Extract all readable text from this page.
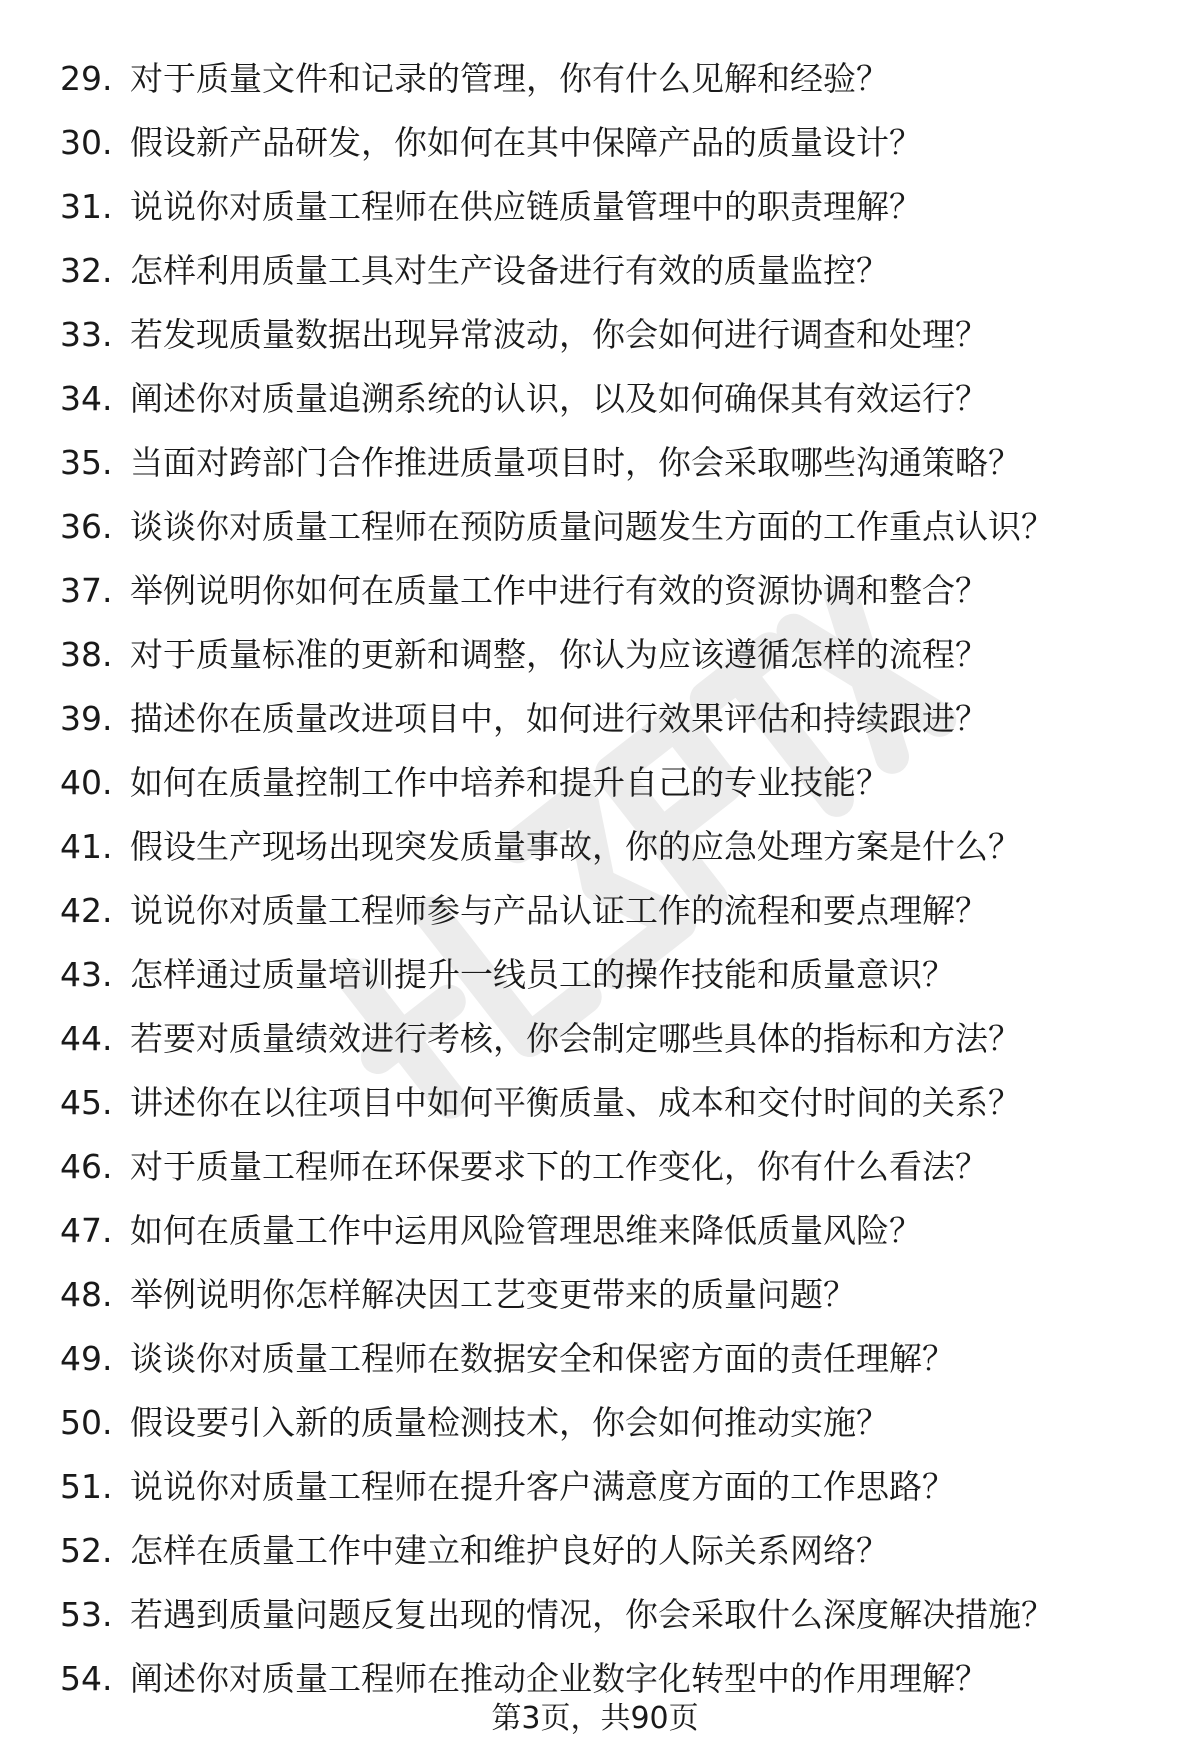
29. 对于质量文件和记录的管理，你有什么见解和经验？
30. 假设新产品研发，你如何在其中保障产品的质量设计？
31. 说说你对质量工程师在供应链质量管理中的职责理解？
32. 怎样利用质量工具对生产设备进行有效的质量监控？
33. 若发现质量数据出现异常波动，你会如何进行调查和处理？
34. 阐述你对质量追溯系统的认识，以及如何确保其有效运行？
35. 当面对跨部门合作推进质量项目时，你会采取哪些沟通策略？
36. 谈谈你对质量工程师在预防质量问题发生方面的工作重点认识？
37. 举例说明你如何在质量工作中进行有效的资源协调和整合？
38. 对于质量标准的更新和调整，你认为应该遵循怎样的流程？
39. 描述你在质量改进项目中，如何进行效果评估和持续跟进？
40. 如何在质量控制工作中培养和提升自己的专业技能？
41. 假设生产现场出现突发质量事故，你的应急处理方案是什么？
42. 说说你对质量工程师参与产品认证工作的流程和要点理解？
43. 怎样通过质量培训提升一线员工的操作技能和质量意识？
44. 若要对质量绩效进行考核，你会制定哪些具体的指标和方法？
45. 讲述你在以往项目中如何平衡质量、成本和交付时间的关系？
46. 对于质量工程师在环保要求下的工作变化，你有什么看法？
47. 如何在质量工作中运用风险管理思维来降低质量风险？
48. 举例说明你怎样解决因工艺变更带来的质量问题？
49. 谈谈你对质量工程师在数据安全和保密方面的责任理解？
50. 假设要引入新的质量检测技术，你会如何推动实施？
51. 说说你对质量工程师在提升客户满意度方面的工作思路？
52. 怎样在质量工作中建立和维护良好的人际关系网络？
53. 若遇到质量问题反复出现的情况，你会采取什么深度解决措施？
54. 阐述你对质量工程师在推动企业数字化转型中的作用理解？
第3页，共90页
